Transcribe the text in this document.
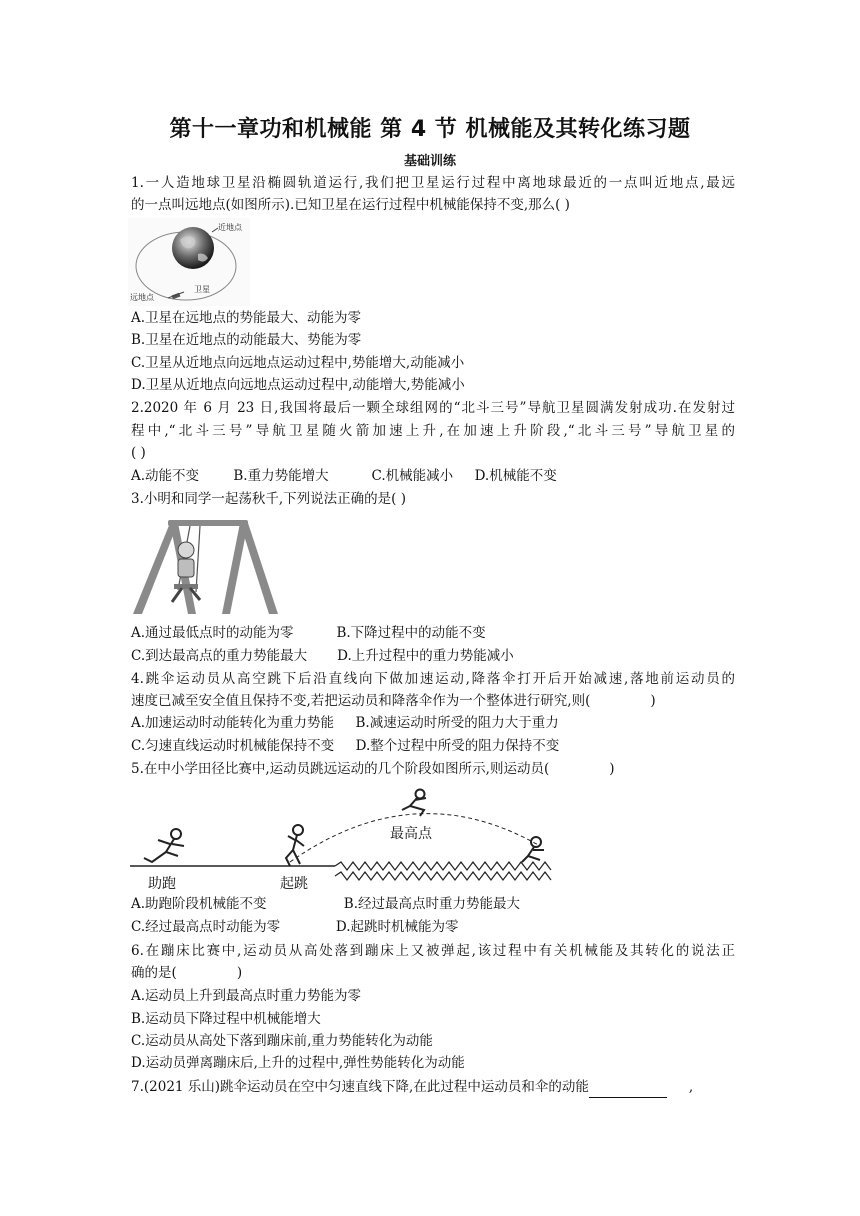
第十一章功和机械能 第 4 节 机械能及其转化练习题
基础训练
1.一人造地球卫星沿椭圆轨道运行,我们把卫星运行过程中离地球最近的一点叫近地点,最远
的一点叫远地点(如图所示).已知卫星在运行过程中机械能保持不变,那么( )
近地点
卫星
远地点
A.卫星在远地点的势能最大、动能为零
B.卫星在近地点的动能最大、势能为零
C.卫星从近地点向远地点运动过程中,势能增大,动能减小
D.卫星从近地点向远地点运动过程中,动能增大,势能减小
2.2020 年 6 月 23 日,我国将最后一颗全球组网的“北斗三号”导航卫星圆满发射成功.在发射过
程中,“北斗三号”导航卫星随火箭加速上升,在加速上升阶段,“北斗三号”导航卫星的
( )
A.动能不变        B.重力势能增大          C.机械能减小     D.机械能不变
3.小明和同学一起荡秋千,下列说法正确的是( )
A.通过最低点时的动能为零          B.下降过程中的动能不变
C.到达最高点的重力势能最大       D.上升过程中的重力势能减小
4.跳伞运动员从高空跳下后沿直线向下做加速运动,降落伞打开后开始减速,落地前运动员的
速度已减至安全值且保持不变,若把运动员和降落伞作为一个整体进行研究,则(              )
A.加速运动时动能转化为重力势能     B.减速运动时所受的阻力大于重力
C.匀速直线运动时机械能保持不变     D.整个过程中所受的阻力保持不变
5.在中小学田径比赛中,运动员跳远运动的几个阶段如图所示,则运动员(              )
助跑	起跳
最高点
A.助跑阶段机械能不变                  B.经过最高点时重力势能最大
C.经过最高点时动能为零             D.起跳时机械能为零
6.在蹦床比赛中,运动员从高处落到蹦床上又被弹起,该过程中有关机械能及其转化的说法正
确的是(              )
A.运动员上升到最高点时重力势能为零
B.运动员下降过程中机械能增大
C.运动员从高处下落到蹦床前,重力势能转化为动能
D.运动员弹离蹦床后,上升的过程中,弹性势能转化为动能
7.(2021 乐山)跳伞运动员在空中匀速直线下降,在此过程中运动员和伞的动能	,
